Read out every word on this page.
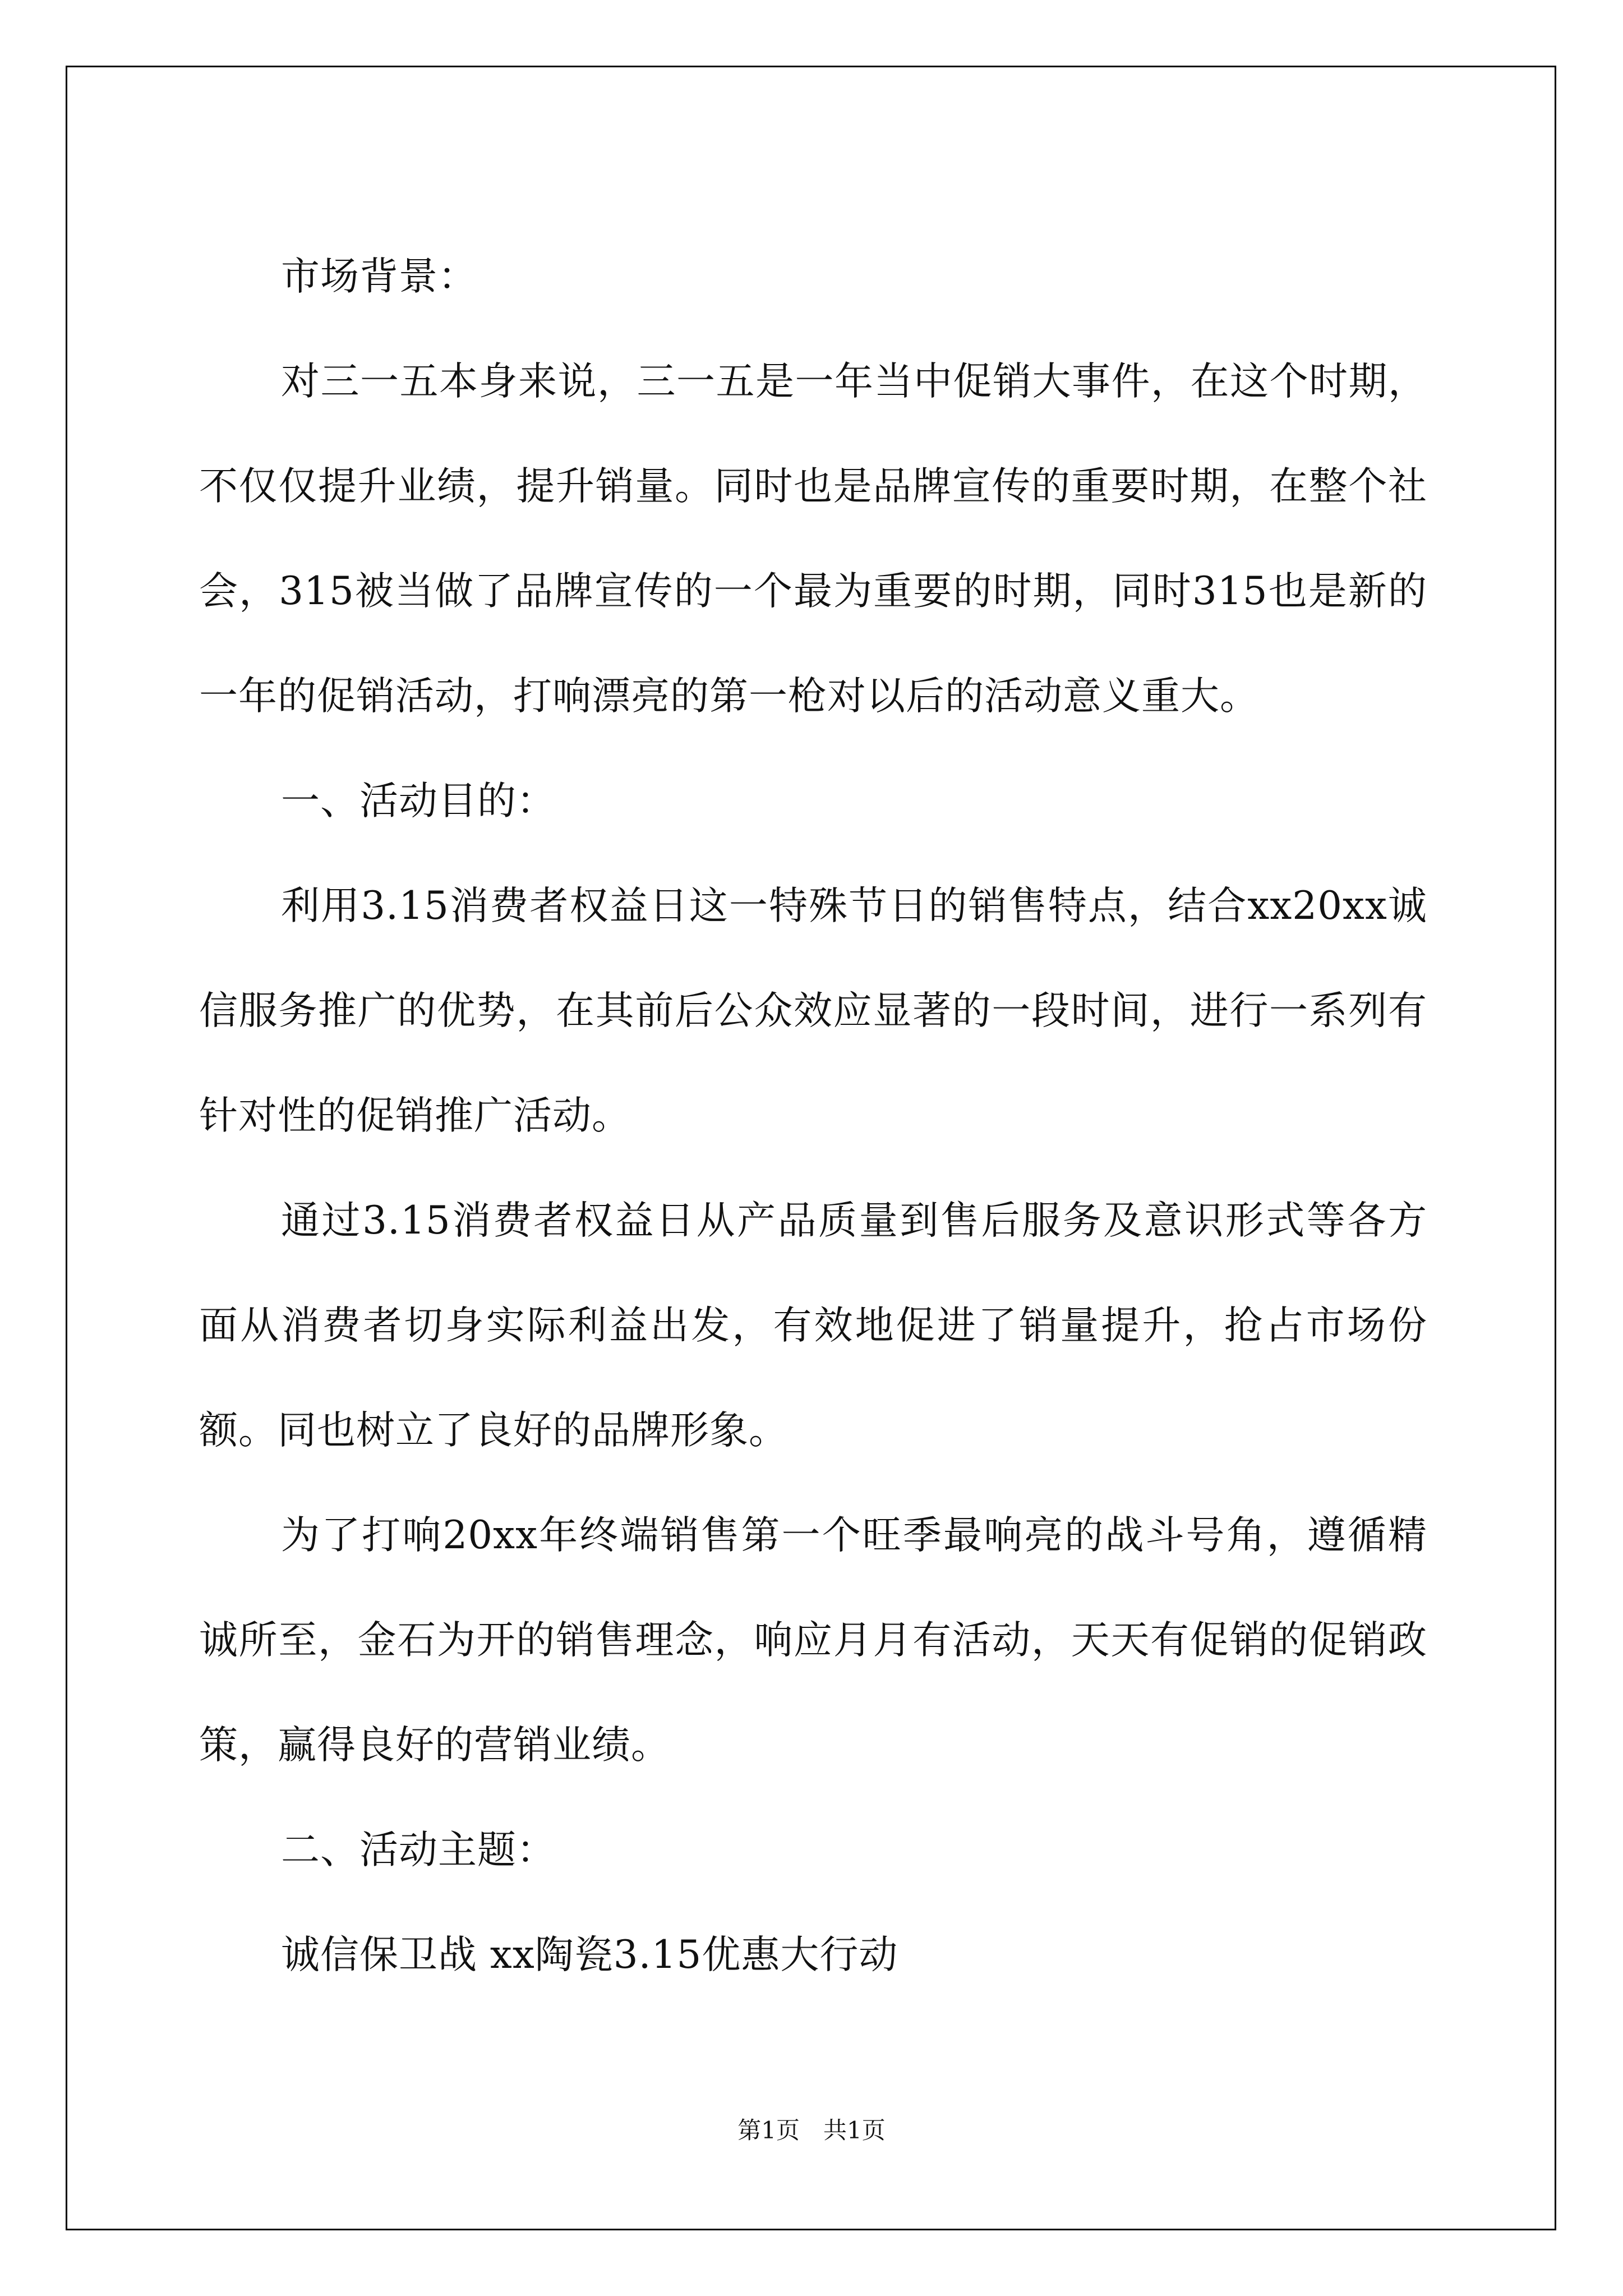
市场背景：

对三一五本身来说，三一五是一年当中促销大事件，在这个时期，不仅仅提升业绩，提升销量。同时也是品牌宣传的重要时期，在整个社会，315被当做了品牌宣传的一个最为重要的时期，同时315也是新的一年的促销活动，打响漂亮的第一枪对以后的活动意义重大。

一、活动目的：

利用3.15消费者权益日这一特殊节日的销售特点，结合xx20xx诚信服务推广的优势，在其前后公众效应显著的一段时间，进行一系列有针对性的促销推广活动。

通过3.15消费者权益日从产品质量到售后服务及意识形式等各方面从消费者切身实际利益出发，有效地促进了销量提升，抢占市场份额。同也树立了良好的品牌形象。

为了打响20xx年终端销售第一个旺季最响亮的战斗号角，遵循精诚所至，金石为开的销售理念，响应月月有活动，天天有促销的促销政策，赢得良好的营销业绩。

二、活动主题：

诚信保卫战 xx陶瓷3.15优惠大行动

第1页　共1页
